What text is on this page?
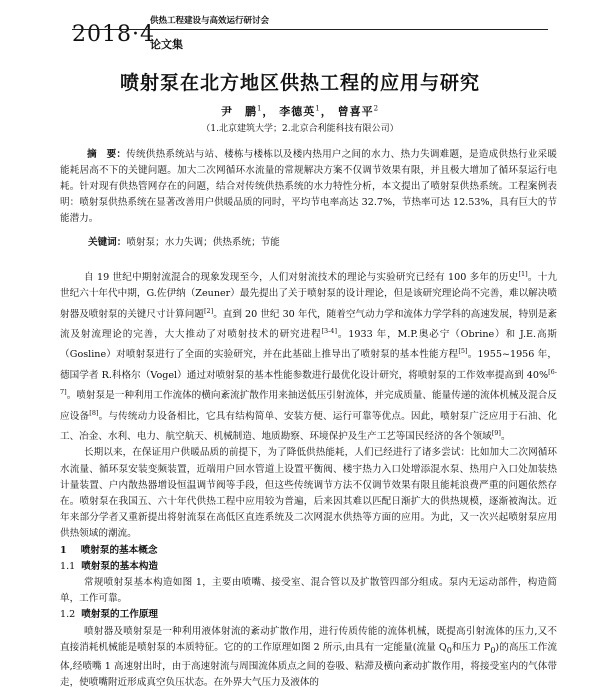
2018·4
供热工程建设与高效运行研讨会
论文集
喷射泵在北方地区供热工程的应用与研究
尹　鹏$^1$， 李德英$^1$， 曾喜平$^2$
（1.北京建筑大学；2.北京合利能科技有限公司）
摘　要：传统供热系统站与站、楼栋与楼栋以及楼内热用户之间的水力、热力失调难题，是造成供热行业采暖能耗居高不下的关键问题。加大二次网循环水流量的常规解决方案不仅调节效果有限，并且极大增加了循环泵运行电耗。针对现有供热管网存在的问题，结合对传统供热系统的水力特性分析，本文提出了喷射泵供热系统。工程案例表明：喷射泵供热系统在显著改善用户供暖品质的同时，平均节电率高达 32.7%，节热率可达 12.53%，具有巨大的节能潜力。
关键词：喷射泵；水力失调；供热系统；节能

自 19 世纪中期射流混合的现象发现至今，人们对射流技术的理论与实验研究已经有 100 多年的历史[1]。十九世纪六十年代中期，G.佐伊纳（Zeuner）最先提出了关于喷射泵的设计理论，但是该研究理论尚不完善，难以解决喷射器及喷射泵的关键尺寸计算问题[2]。直到 20 世纪 30 年代，随着空气动力学和流体力学学科的高速发展，特别是紊流及射流理论的完善，大大推动了对喷射技术的研究进程[3-4]。1933 年，M.P.奥必宁（Obrine）和 J.E.高斯（Gosline）对喷射泵进行了全面的实验研究，并在此基础上推导出了喷射泵的基本性能方程[5]。1955~1956 年，德国学者 R.科格尔（Vogel）通过对喷射泵的基本性能参数进行最优化设计研究，将喷射泵的工作效率提高到 40%[6-7]。喷射泵是一种利用工作流体的横向紊流扩散作用来抽送低压引射流体，并完成质量、能量传递的流体机械及混合反应设备[8]。与传统动力设备相比，它具有结构简单、安装方便、运行可靠等优点。因此，喷射泵广泛应用于石油、化工、冶金、水利、电力、航空航天、机械制造、地质勘察、环境保护及生产工艺等国民经济的各个领域[9]。

长期以来，在保证用户供暖品质的前提下，为了降低供热能耗，人们已经进行了诸多尝试：比如加大二次网循环水流量、循环泵安装变频装置，近端用户回水管道上设置平衡阀、楼宇热力入口处增添混水泵、热用户入口处加装热计量装置、户内散热器增设恒温调节阀等手段，但这些传统调节方法不仅调节效果有限且能耗浪费严重的问题依然存在。喷射泵在我国五、六十年代供热工程中应用较为普遍，后来因其难以匹配日渐扩大的供热规模，逐渐被淘汰。近年来部分学者又重新提出将射流泵在高低区直连系统及二次网混水供热等方面的应用。为此，又一次兴起喷射泵应用供热领域的潮流。

1 喷射泵的基本概念
1.1 喷射泵的基本构造

常规喷射泵基本构造如图 1，主要由喷嘴、接受室、混合管以及扩散管四部分组成。泵内无运动部件，构造简单，工作可靠。

1.2 喷射泵的工作原理

喷射器及喷射泵是一种利用液体射流的紊动扩散作用，进行传质传能的流体机械，既提高引射流体的压力,又不直接消耗机械能是喷射泵的本质特征。它的的工作原理如图 2 所示,由具有一定能量(流量 $Q_0$和压力 $P_0$)的高压工作流体,经喷嘴 1 高速射出时，由于高速射流与周围流体质点之间的卷吸、粘滞及横向紊动扩散作用，将接受室内的气体带走，使喷嘴附近形成真空负压状态。在外界大气压力及液体的
